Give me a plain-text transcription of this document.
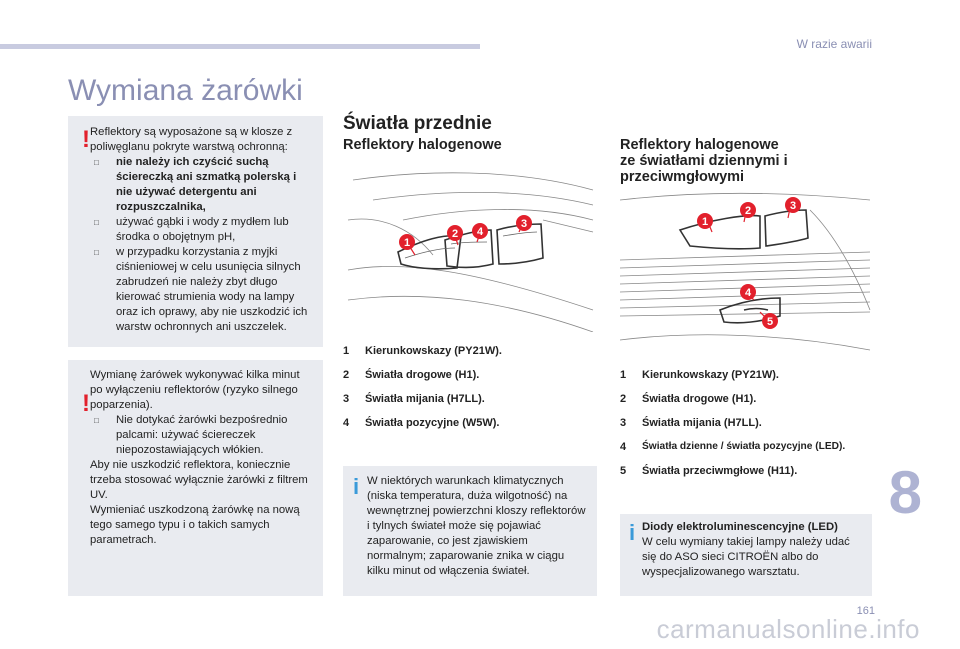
W razie awarii
Wymiana żarówki
! Reflektory są wyposażone są w klosze z poliwęglanu pokryte warstwą ochronną:

□ nie należy ich czyścić suchą ściereczką ani szmatką polerską i nie używać detergentu ani rozpuszczalnika,

□ używać gąbki i wody z mydłem lub środka o obojętnym pH,

□ w przypadku korzystania z myjki ciśnieniowej w celu usunięcia silnych zabrudzeń nie należy zbyt długo kierować strumienia wody na lampy oraz ich oprawy, aby nie uszkodzić ich warstw ochronnych ani uszczelek.

!

Wymianę żarówek wykonywać kilka minut po wyłączeniu reflektorów (ryzyko silnego poparzenia).

□ Nie dotykać żarówki bezpośrednio palcami: używać ściereczek niepozostawiających włókien.

Aby nie uszkodzić reflektora, koniecznie trzeba stosować wyłącznie żarówki z filtrem UV.

Wymieniać uszkodzoną żarówkę na nową tego samego typu i o takich samych parametrach.

Światła przednie
Reflektory halogenowe
1
2 4
3
1	Kierunkowskazy (PY21W).
2	Światła drogowe (H1).
3	Światła mijania (H7LL).
4	Światła pozycyjne (W5W).
i W niektórych warunkach klimatycznych (niska temperatura, duża wilgotność) na wewnętrznej powierzchni kloszy reflektorów i tylnych świateł może się pojawiać zaparowanie, co jest zjawiskiem normalnym; zaparowanie znika w ciągu kilku minut od włączenia świateł.

Reflektory halogenowe
ze światłami dziennymi i
przeciwmgłowymi
1
2	3
4
5
1	Kierunkowskazy (PY21W).
2	Światła drogowe (H1).
3	Światła mijania (H7LL).
4	Światła dzienne / światła pozycyjne (LED).
5	Światła przeciwmgłowe (H11).
i Diody elektroluminescencyjne (LED)

W celu wymiany takiej lampy należy udać się do ASO sieci CITROËN albo do wyspecjalizowanego warsztatu.

8
161
carmanualsonline.info
